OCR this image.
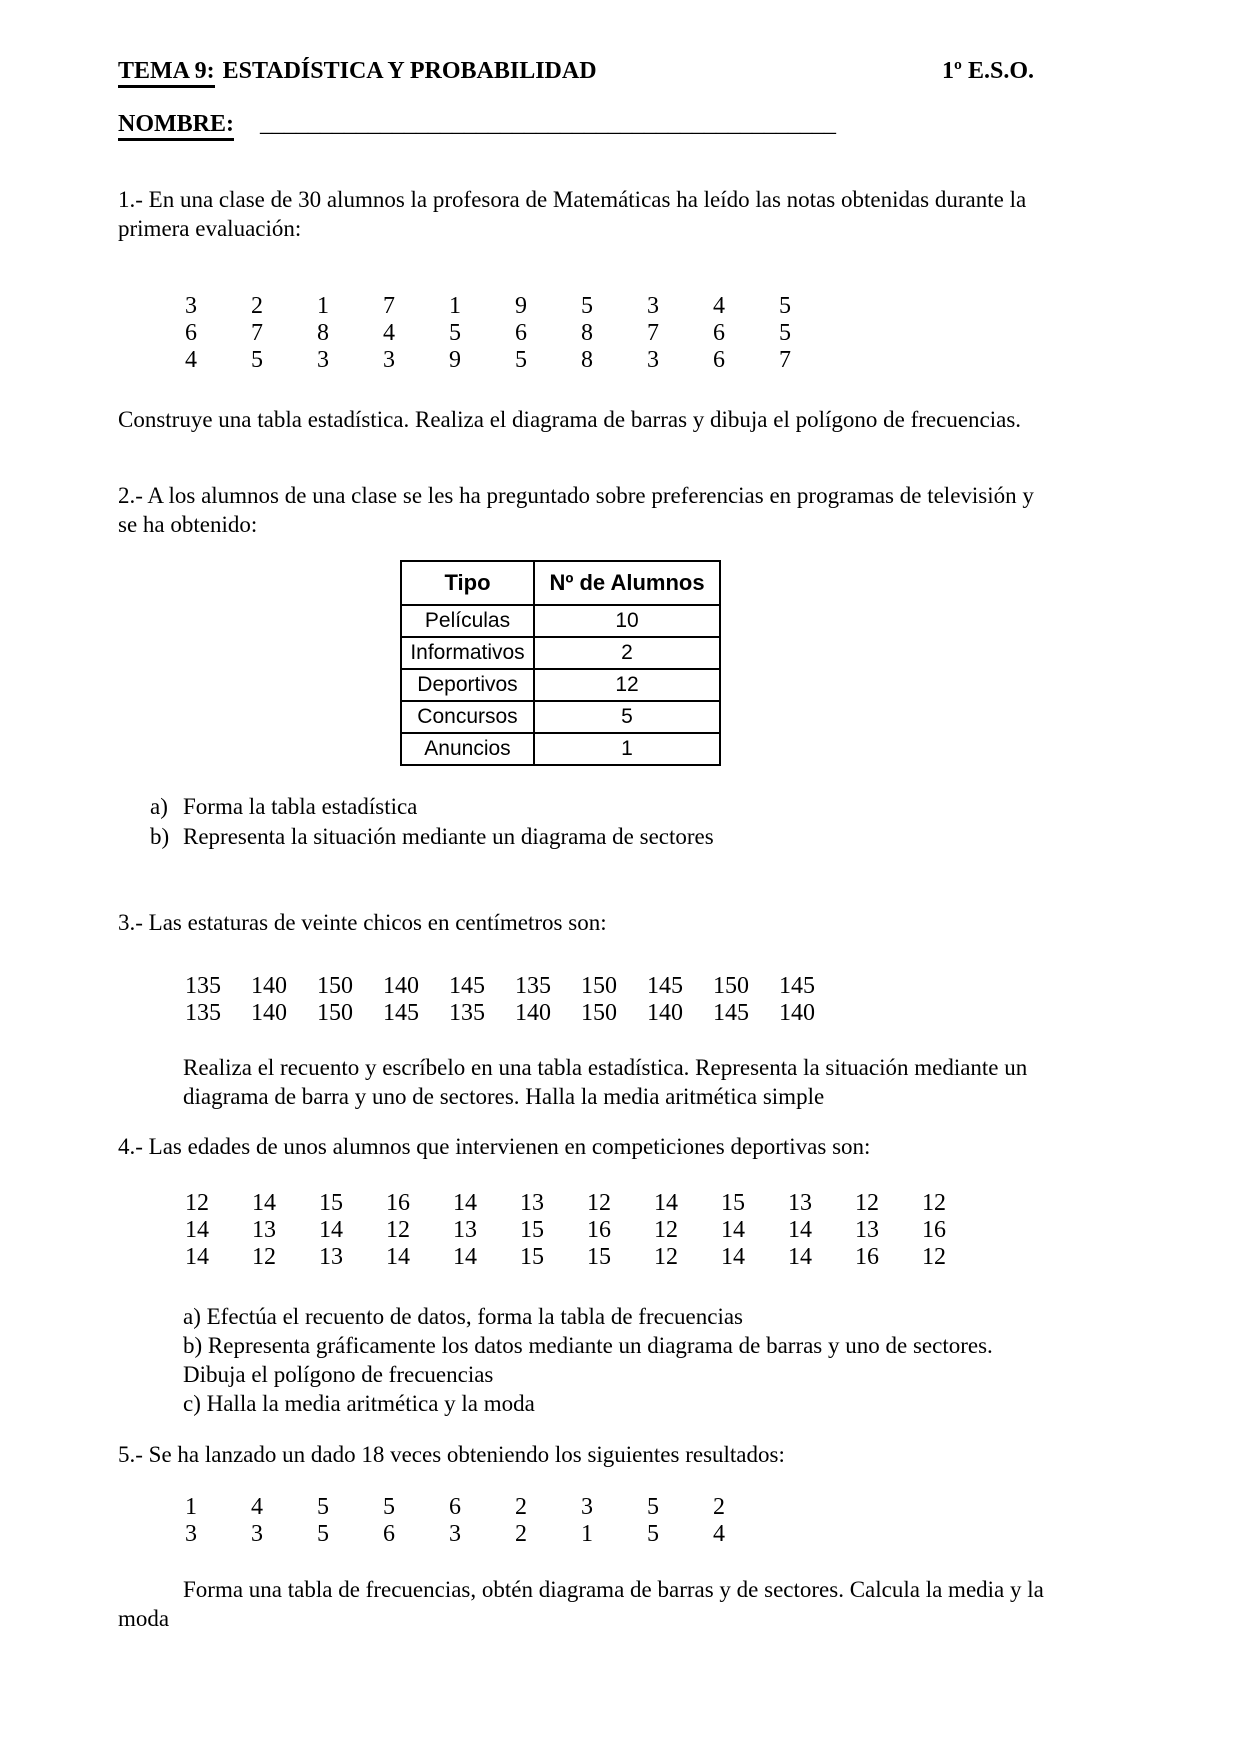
TEMA 9: ESTADÍSTICA Y PROBABILIDAD	1º E.S.O.
NOMBRE: ________________________________________________

1.- En una clase de 30 alumnos la profesora de Matemáticas ha leído las notas obtenidas durante la primera evaluación:

3	2	1	7	1	9	5	3	4	5
6	7	8	4	5	6	8	7	6	5
4	5	3	3	9	5	8	3	6	7

Construye una tabla estadística. Realiza el diagrama de barras y dibuja el polígono de frecuencias.

2.- A los alumnos de una clase se les ha preguntado sobre preferencias en programas de televisión y se ha obtenido:

Tipo	Nº de Alumnos
Películas	10
Informativos	2
Deportivos	12
Concursos	5
Anuncios	1
a) Forma la tabla estadística
b) Representa la situación mediante un diagrama de sectores

3.- Las estaturas de veinte chicos en centímetros son:

135	140	150	140	145	135	150	145	150	145
135	140	150	145	135	140	150	140	145	140

Realiza el recuento y escríbelo en una tabla estadística. Representa la situación mediante un diagrama de barra y uno de sectores. Halla la media aritmética simple

4.- Las edades de unos alumnos que intervienen en competiciones deportivas son:

12	14	15	16	14	13	12	14	15	13	12	12
14	13	14	12	13	15	16	12	14	14	13	16
14	12	13	14	14	15	15	12	14	14	16	12

a) Efectúa el recuento de datos, forma la tabla de frecuencias

b) Representa gráficamente los datos mediante un diagrama de barras y uno de sectores. Dibuja el polígono de frecuencias

c) Halla la media aritmética y la moda

5.- Se ha lanzado un dado 18 veces obteniendo los siguientes resultados:

1	4	5	5	6	2	3	5	2
3	3	5	6	3	2	1	5	4
Forma una tabla de frecuencias, obtén diagrama de barras y de sectores. Calcula la media y la
moda
